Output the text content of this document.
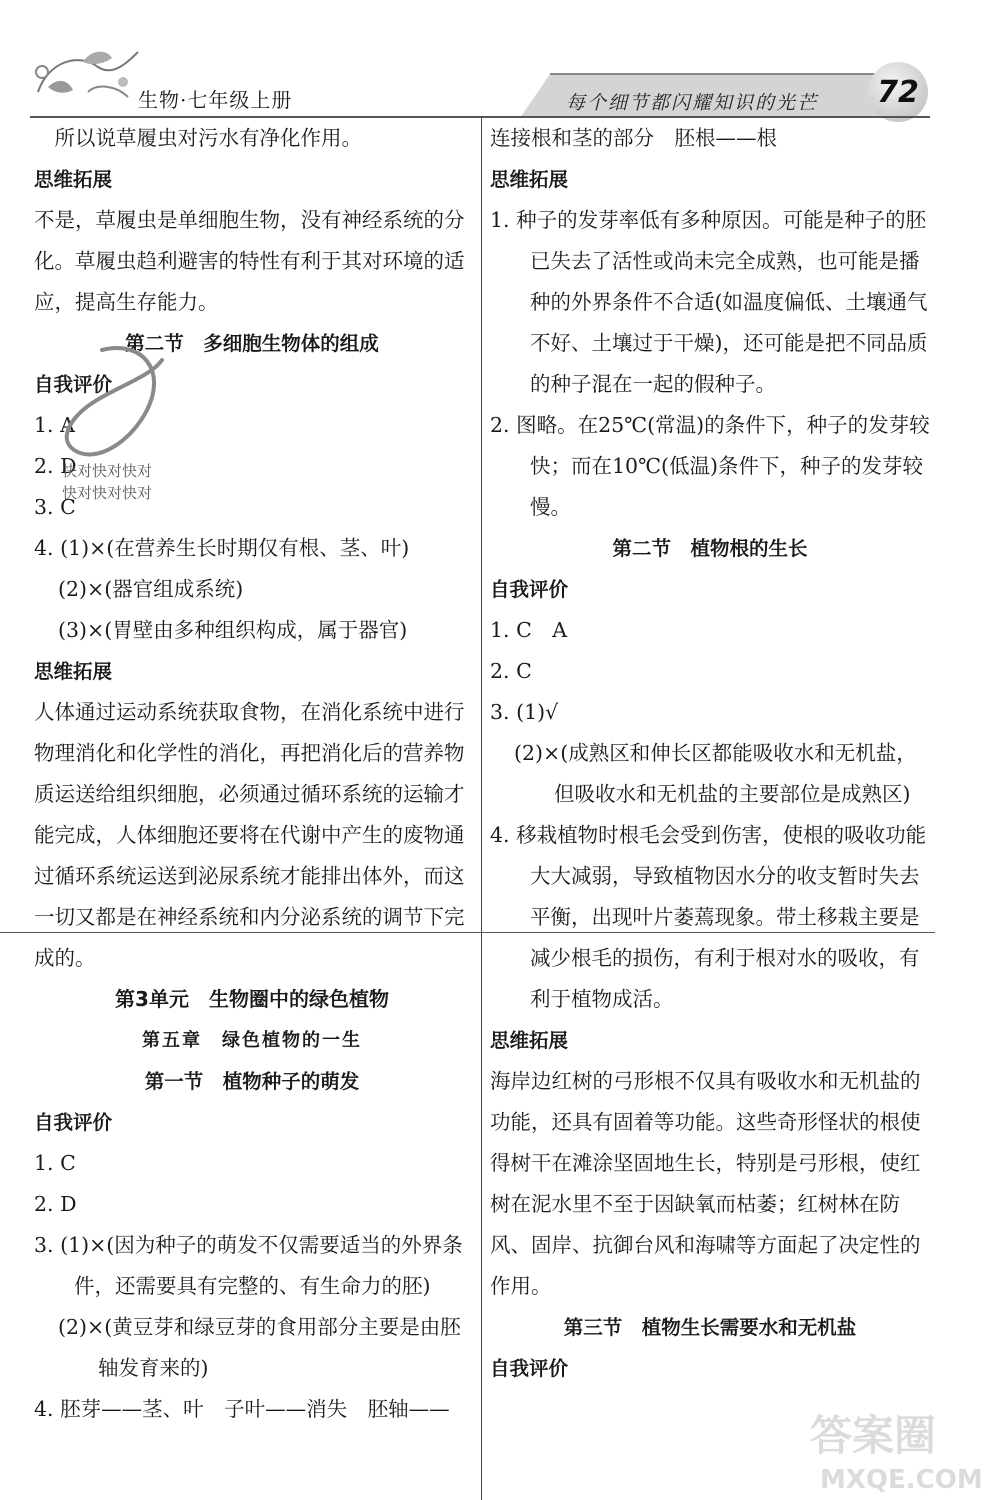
生物·七年级上册	每个细节都闪耀知识的光芒	72

所以说草履虫对污水有净化作用。

思维拓展

不是，草履虫是单细胞生物，没有神经系统的分化。草履虫趋利避害的特性有利于其对环境的适应，提高生存能力。

第二节　多细胞生物体的组成

自我评价

1. A

2. D

3. C

4. (1)×(在营养生长时期仅有根、茎、叶)

(2)×(器官组成系统)

(3)×(胃壁由多种组织构成，属于器官)

思维拓展

人体通过运动系统获取食物，在消化系统中进行物理消化和化学性的消化，再把消化后的营养物质运送给组织细胞，必须通过循环系统的运输才能完成，人体细胞还要将在代谢中产生的废物通过循环系统运送到泌尿系统才能排出体外，而这一切又都是在神经系统和内分泌系统的调节下完成的。

第3单元　生物圈中的绿色植物

第五章　绿色植物的一生

第一节　植物种子的萌发

自我评价

1. C

2. D

3. (1)×(因为种子的萌发不仅需要适当的外界条件，还需要具有完整的、有生命力的胚)

(2)×(黄豆芽和绿豆芽的食用部分主要是由胚轴发育来的)

4. 胚芽——茎、叶　子叶——消失　胚轴——

快对快对快对
快对快对快对

连接根和茎的部分　胚根——根

思维拓展

1. 种子的发芽率低有多种原因。可能是种子的胚已失去了活性或尚未完全成熟，也可能是播种的外界条件不合适(如温度偏低、土壤通气不好、土壤过于干燥)，还可能是把不同品质的种子混在一起的假种子。

2. 图略。在25℃(常温)的条件下，种子的发芽较快；而在10℃(低温)条件下，种子的发芽较慢。

第二节　植物根的生长

自我评价

1. C　A

2. C

3. (1)√

(2)×(成熟区和伸长区都能吸收水和无机盐，但吸收水和无机盐的主要部位是成熟区)

4. 移栽植物时根毛会受到伤害，使根的吸收功能大大减弱，导致植物因水分的收支暂时失去平衡，出现叶片萎蔫现象。带土移栽主要是减少根毛的损伤，有利于根对水的吸收，有利于植物成活。

思维拓展

海岸边红树的弓形根不仅具有吸收水和无机盐的功能，还具有固着等功能。这些奇形怪状的根使得树干在滩涂坚固地生长，特别是弓形根，使红树在泥水里不至于因缺氧而枯萎；红树林在防风、固岸、抗御台风和海啸等方面起了决定性的作用。

第三节　植物生长需要水和无机盐

自我评价

答案圈
MXQE.COM
